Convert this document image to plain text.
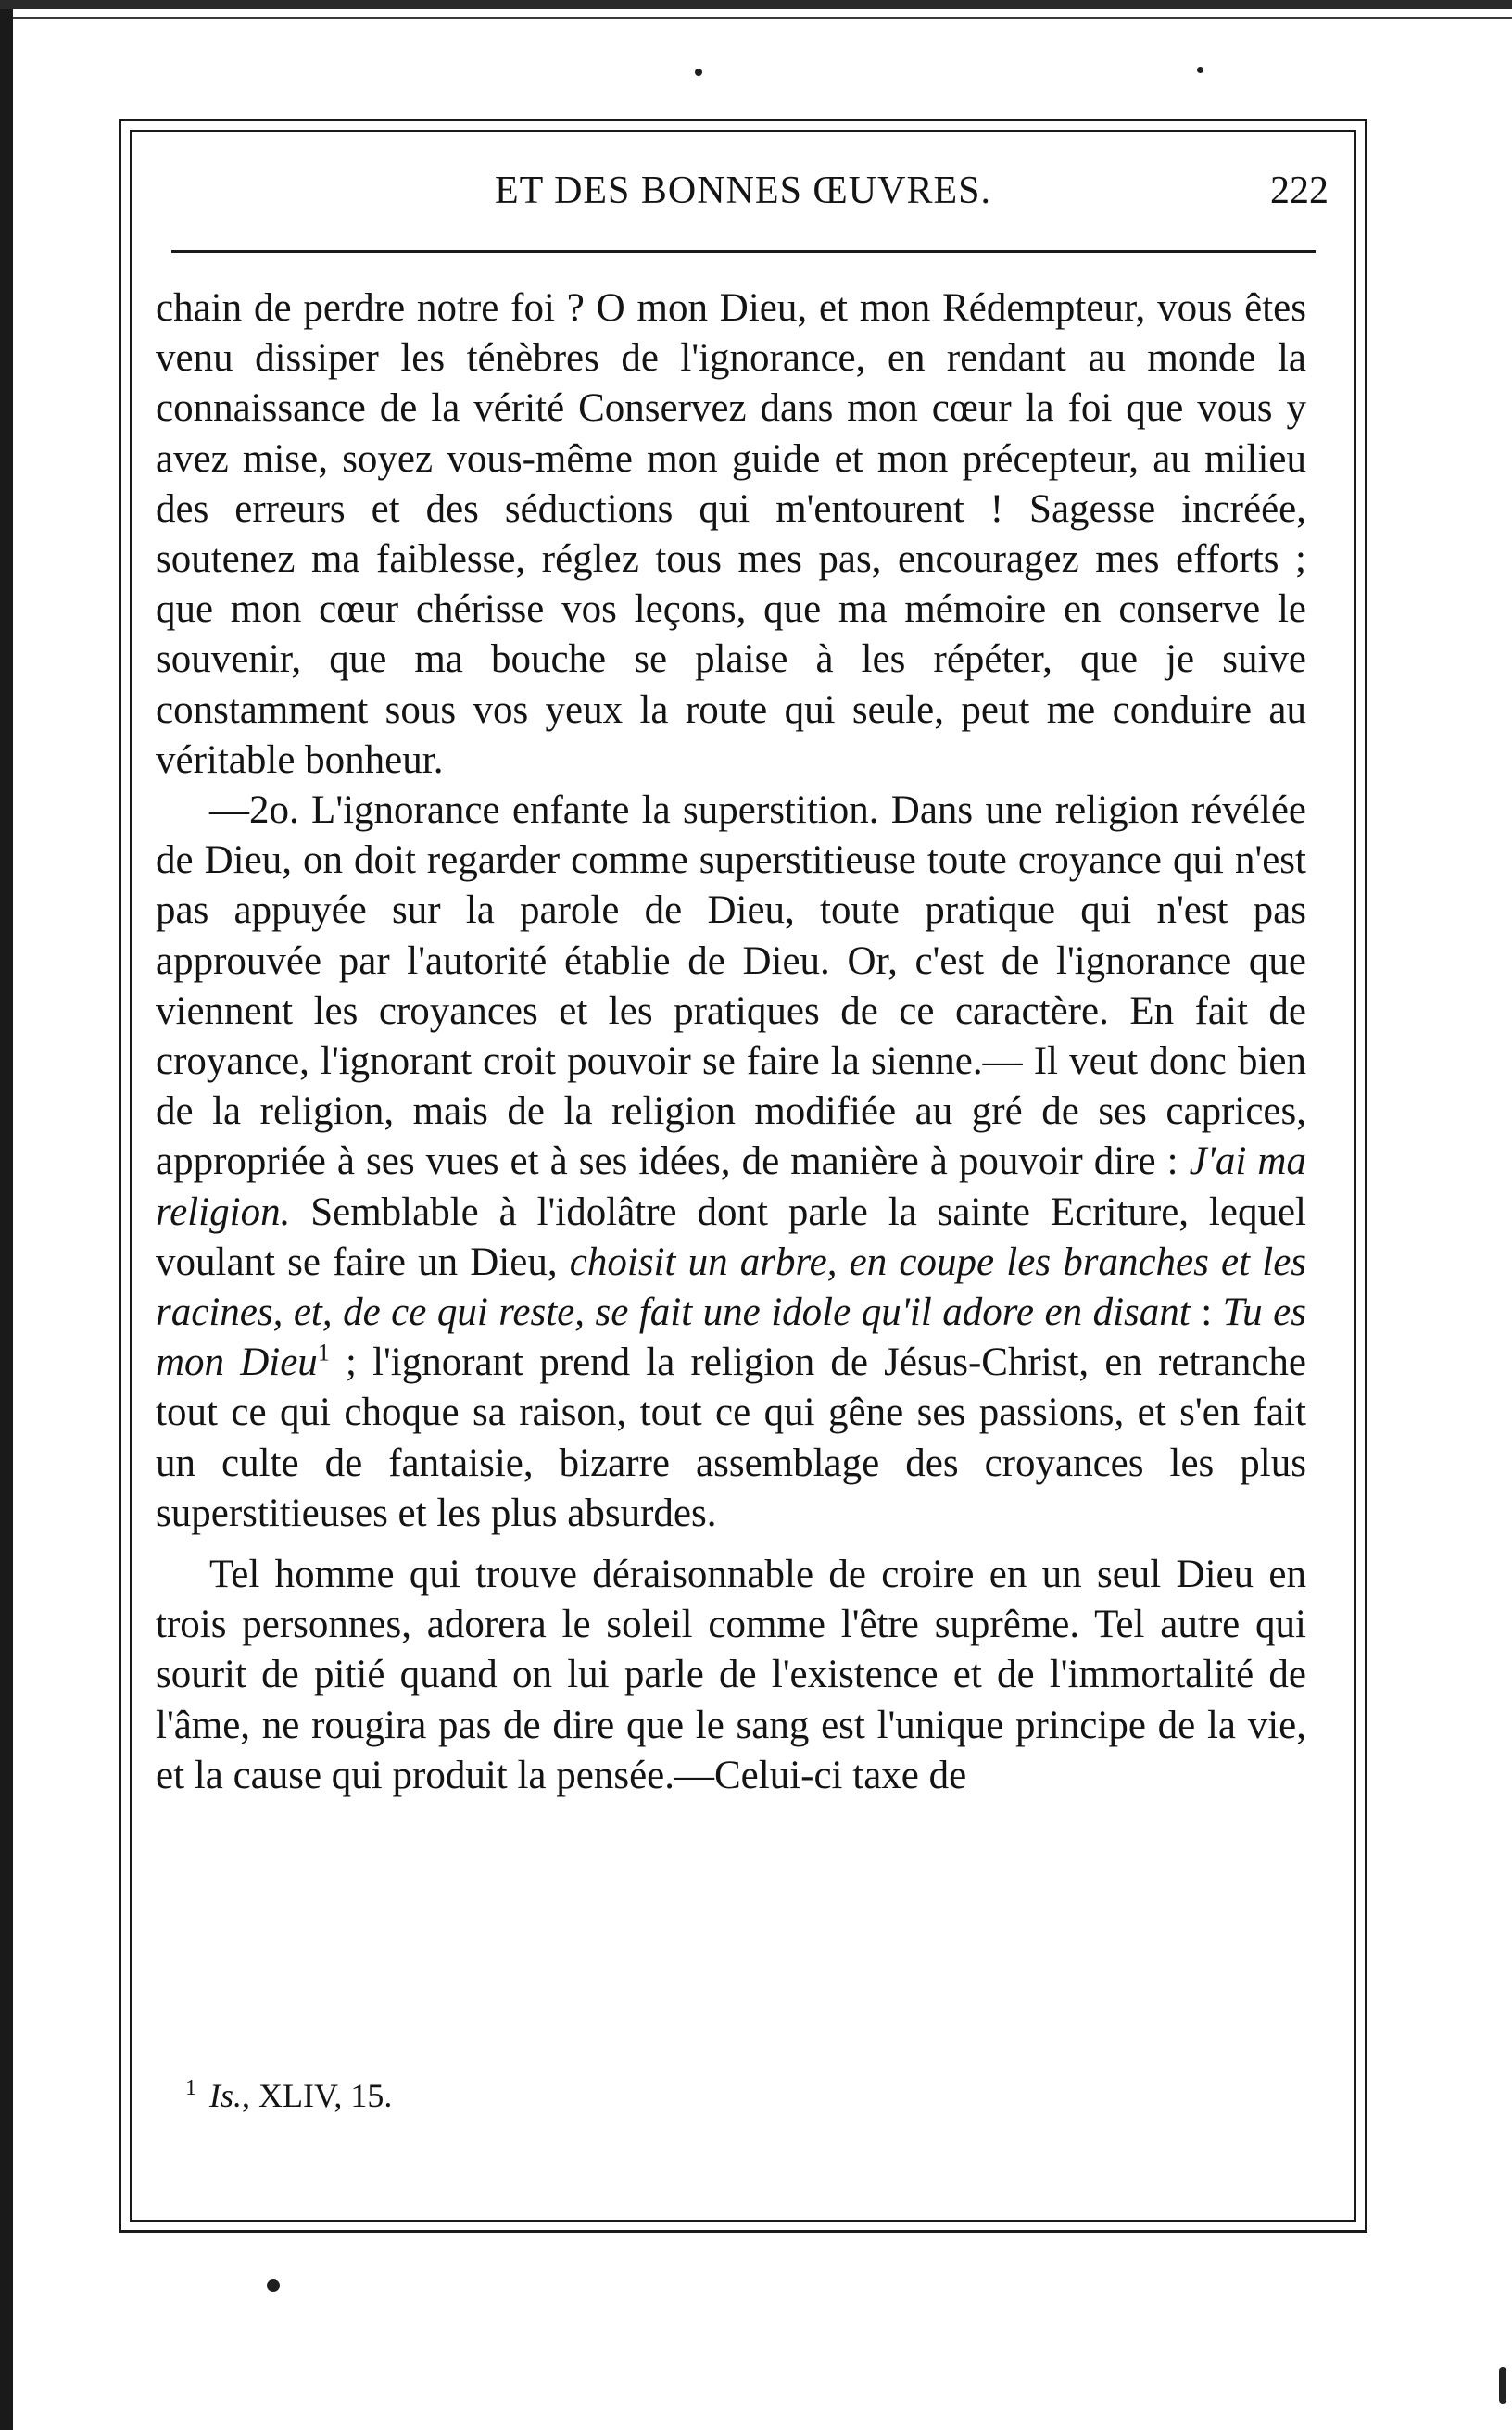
ET DES BONNES ŒUVRES.	222

chain de perdre notre foi ? O mon Dieu, et mon Rédempteur, vous êtes venu dissiper les ténèbres de l'ignorance, en rendant au monde la connaissance de la vérité Conservez dans mon cœur la foi que vous y avez mise, soyez vous-même mon guide et mon précepteur, au milieu des erreurs et des séductions qui m'entourent ! Sagesse incréée, soutenez ma faiblesse, réglez tous mes pas, encouragez mes efforts ; que mon cœur chérisse vos leçons, que ma mémoire en conserve le souvenir, que ma bouche se plaise à les répéter, que je suive constamment sous vos yeux la route qui seule, peut me conduire au véritable bonheur.

—2o. L'ignorance enfante la superstition. Dans une religion révélée de Dieu, on doit regarder comme superstitieuse toute croyance qui n'est pas appuyée sur la parole de Dieu, toute pratique qui n'est pas approuvée par l'autorité établie de Dieu. Or, c'est de l'ignorance que viennent les croyances et les pratiques de ce caractère. En fait de croyance, l'ignorant croit pouvoir se faire la sienne.— Il veut donc bien de la religion, mais de la religion modifiée au gré de ses caprices, appropriée à ses vues et à ses idées, de manière à pouvoir dire : J'ai ma religion. Semblable à l'idolâtre dont parle la sainte Ecriture, lequel voulant se faire un Dieu, choisit un arbre, en coupe les branches et les racines, et, de ce qui reste, se fait une idole qu'il adore en disant : Tu es mon Dieu$^1$ ; l'ignorant prend la religion de Jésus-Christ, en retranche tout ce qui choque sa raison, tout ce qui gêne ses passions, et s'en fait un culte de fantaisie, bizarre assemblage des croyances les plus superstitieuses et les plus absurdes.

Tel homme qui trouve déraisonnable de croire en un seul Dieu en trois personnes, adorera le soleil comme l'être suprême. Tel autre qui sourit de pitié quand on lui parle de l'existence et de l'immortalité de l'âme, ne rougira pas de dire que le sang est l'unique principe de la vie, et la cause qui produit la pensée.—Celui-ci taxe de

$^1$ Is., XLIV, 15.
